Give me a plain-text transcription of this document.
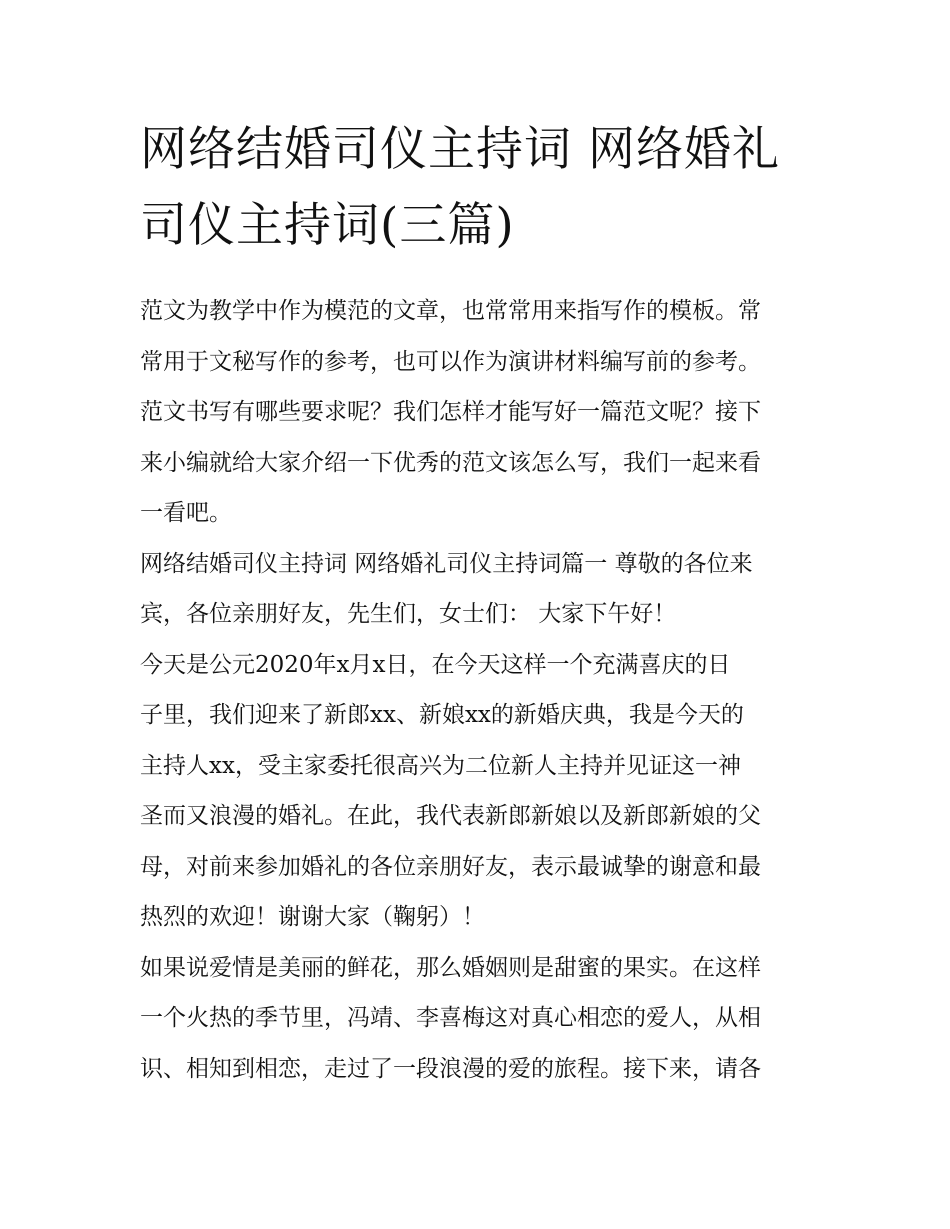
网络结婚司仪主持词 网络婚礼
司仪主持词(三篇)

范文为教学中作为模范的文章，也常常用来指写作的模板。常
常用于文秘写作的参考，也可以作为演讲材料编写前的参考。
范文书写有哪些要求呢？我们怎样才能写好一篇范文呢？接下
来小编就给大家介绍一下优秀的范文该怎么写，我们一起来看
一看吧。

网络结婚司仪主持词 网络婚礼司仪主持词篇一 尊敬的各位来
宾，各位亲朋好友，先生们，女士们： 大家下午好！

今天是公元2020年x月x日，在今天这样一个充满喜庆的日
子里，我们迎来了新郎xx、新娘xx的新婚庆典，我是今天的
主持人xx，受主家委托很高兴为二位新人主持并见证这一神
圣而又浪漫的婚礼。在此，我代表新郎新娘以及新郎新娘的父
母，对前来参加婚礼的各位亲朋好友，表示最诚挚的谢意和最
热烈的欢迎！谢谢大家（鞠躬）！

如果说爱情是美丽的鲜花，那么婚姻则是甜蜜的果实。在这样
一个火热的季节里，冯靖、李喜梅这对真心相恋的爱人，从相
识、相知到相恋，走过了一段浪漫的爱的旅程。接下来，请各
